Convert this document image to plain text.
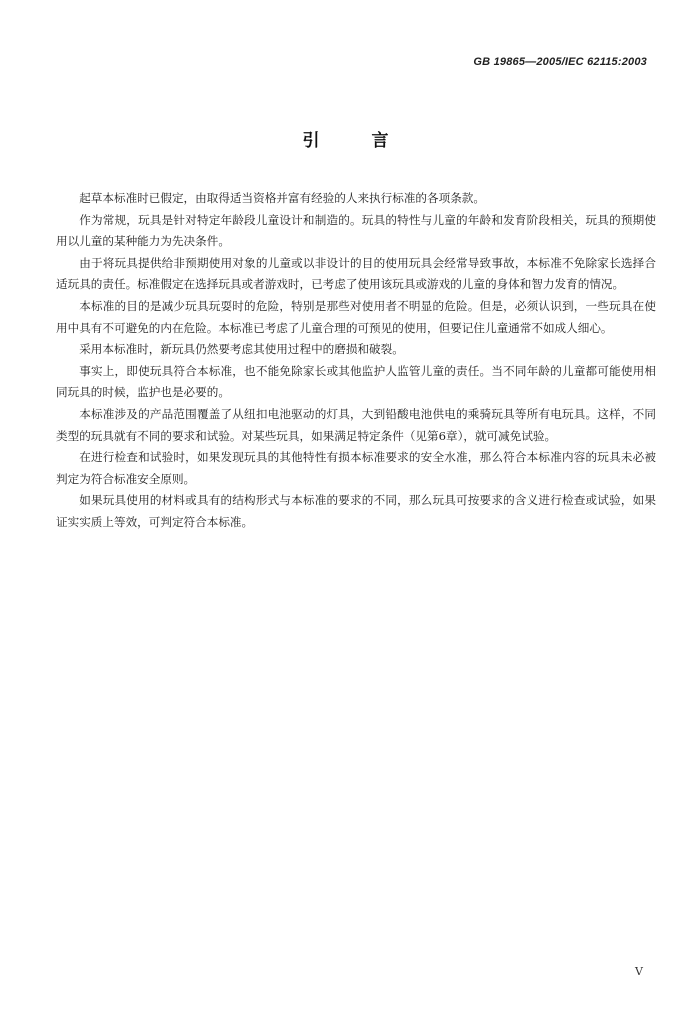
GB 19865—2005/IEC 62115:2003
引言

起草本标准时已假定，由取得适当资格并富有经验的人来执行标准的各项条款。

作为常规，玩具是针对特定年龄段儿童设计和制造的。玩具的特性与儿童的年龄和发育阶段相关，玩具的预期使用以儿童的某种能力为先决条件。

由于将玩具提供给非预期使用对象的儿童或以非设计的目的使用玩具会经常导致事故，本标准不免除家长选择合适玩具的责任。标准假定在选择玩具或者游戏时，已考虑了使用该玩具或游戏的儿童的身体和智力发育的情况。

本标准的目的是减少玩具玩耍时的危险，特别是那些对使用者不明显的危险。但是，必须认识到，一些玩具在使用中具有不可避免的内在危险。本标准已考虑了儿童合理的可预见的使用，但要记住儿童通常不如成人细心。

采用本标准时，新玩具仍然要考虑其使用过程中的磨损和破裂。

事实上，即使玩具符合本标准，也不能免除家长或其他监护人监管儿童的责任。当不同年龄的儿童都可能使用相同玩具的时候，监护也是必要的。

本标准涉及的产品范围覆盖了从纽扣电池驱动的灯具，大到铅酸电池供电的乘骑玩具等所有电玩具。这样，不同类型的玩具就有不同的要求和试验。对某些玩具，如果满足特定条件（见第6章），就可减免试验。

在进行检查和试验时，如果发现玩具的其他特性有损本标准要求的安全水准，那么符合本标准内容的玩具未必被判定为符合标准安全原则。

如果玩具使用的材料或具有的结构形式与本标准的要求的不同，那么玩具可按要求的含义进行检查或试验，如果证实实质上等效，可判定符合本标准。

V
